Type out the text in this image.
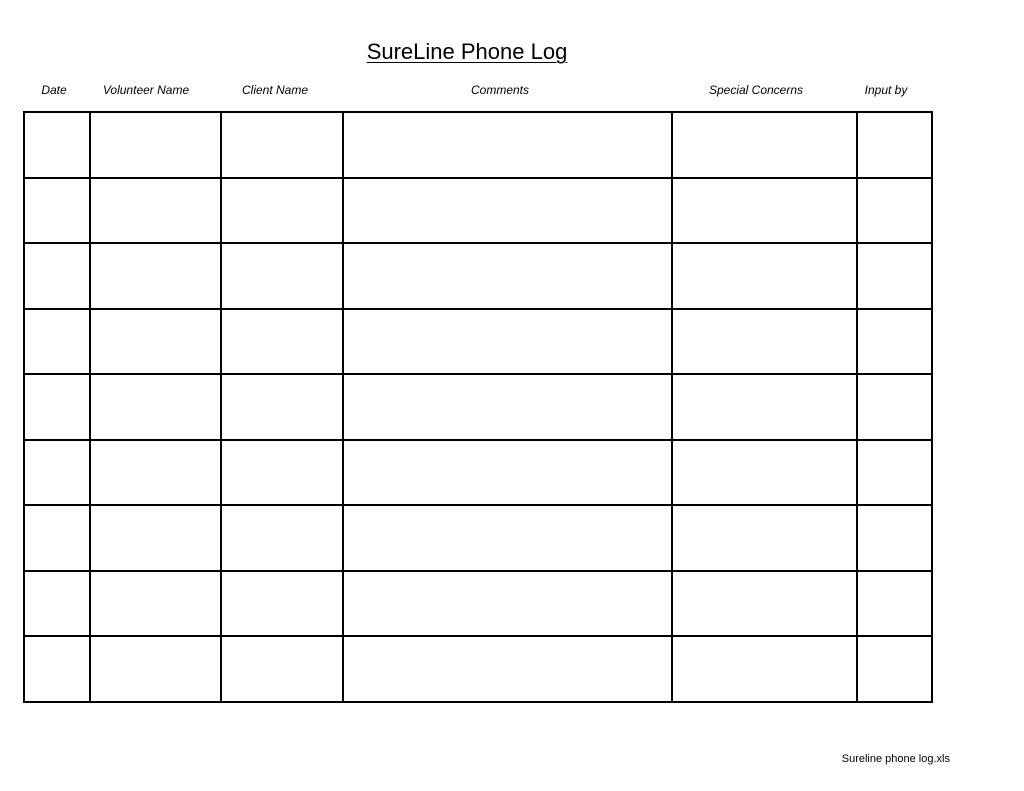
SureLine Phone Log
Date	Volunteer Name	Client Name	Comments	Special Concerns	Input by

Sureline phone log.xls
